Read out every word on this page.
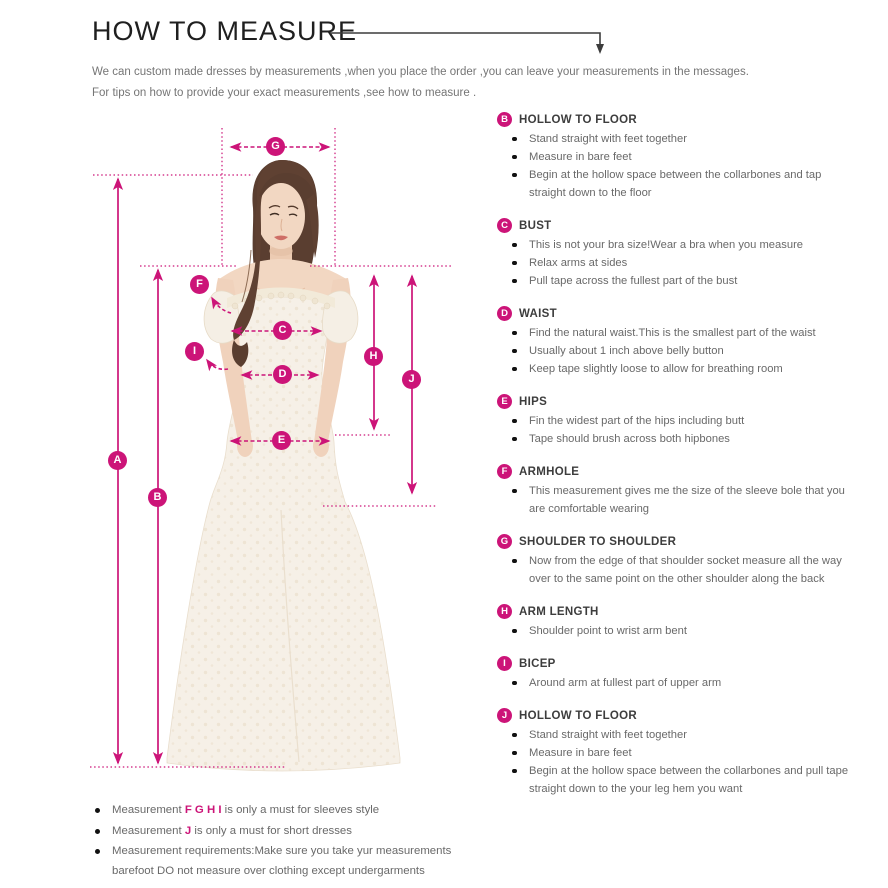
HOW TO MEASURE

We can custom made dresses by measurements ,when you place the order ,you can leave your measurements in the messages.

For tips on how to provide your exact measurements ,see how to measure .

A
B
C
D
E
F
G
H
I
J
B HOLLOW TO FLOOR
Stand straight with feet together
Measure in bare feet
Begin at the hollow space between the collarbones and tap straight down to the floor
C BUST
This is not your bra size!Wear a bra when you measure
Relax arms at sides
Pull tape across the fullest part of the bust
D WAIST
Find the natural waist.This is the smallest part of the waist
Usually about 1 inch above belly button
Keep tape slightly loose to allow for breathing room
E HIPS
Fin the widest part of the hips including butt
Tape should brush across both hipbones
F	ARMHOLE
This measurement gives me the size of the sleeve bole that you are comfortable wearing
G SHOULDER TO SHOULDER
Now from the edge of that shoulder socket measure all the way over to the same point on the other shoulder along the back
H ARM LENGTH
Shoulder point to wrist arm bent
I	BICEP
Around arm at fullest part of upper arm
J	HOLLOW TO FLOOR
Stand straight with feet together
Measure in bare feet
Begin at the hollow space between the collarbones and pull tape straight down to the your leg hem you want
Measurement F G H I is only a must for sleeves style
Measurement J is only a must for short dresses
Measurement requirements:Make sure you take yur measurements barefoot DO not measure over clothing except undergarments
